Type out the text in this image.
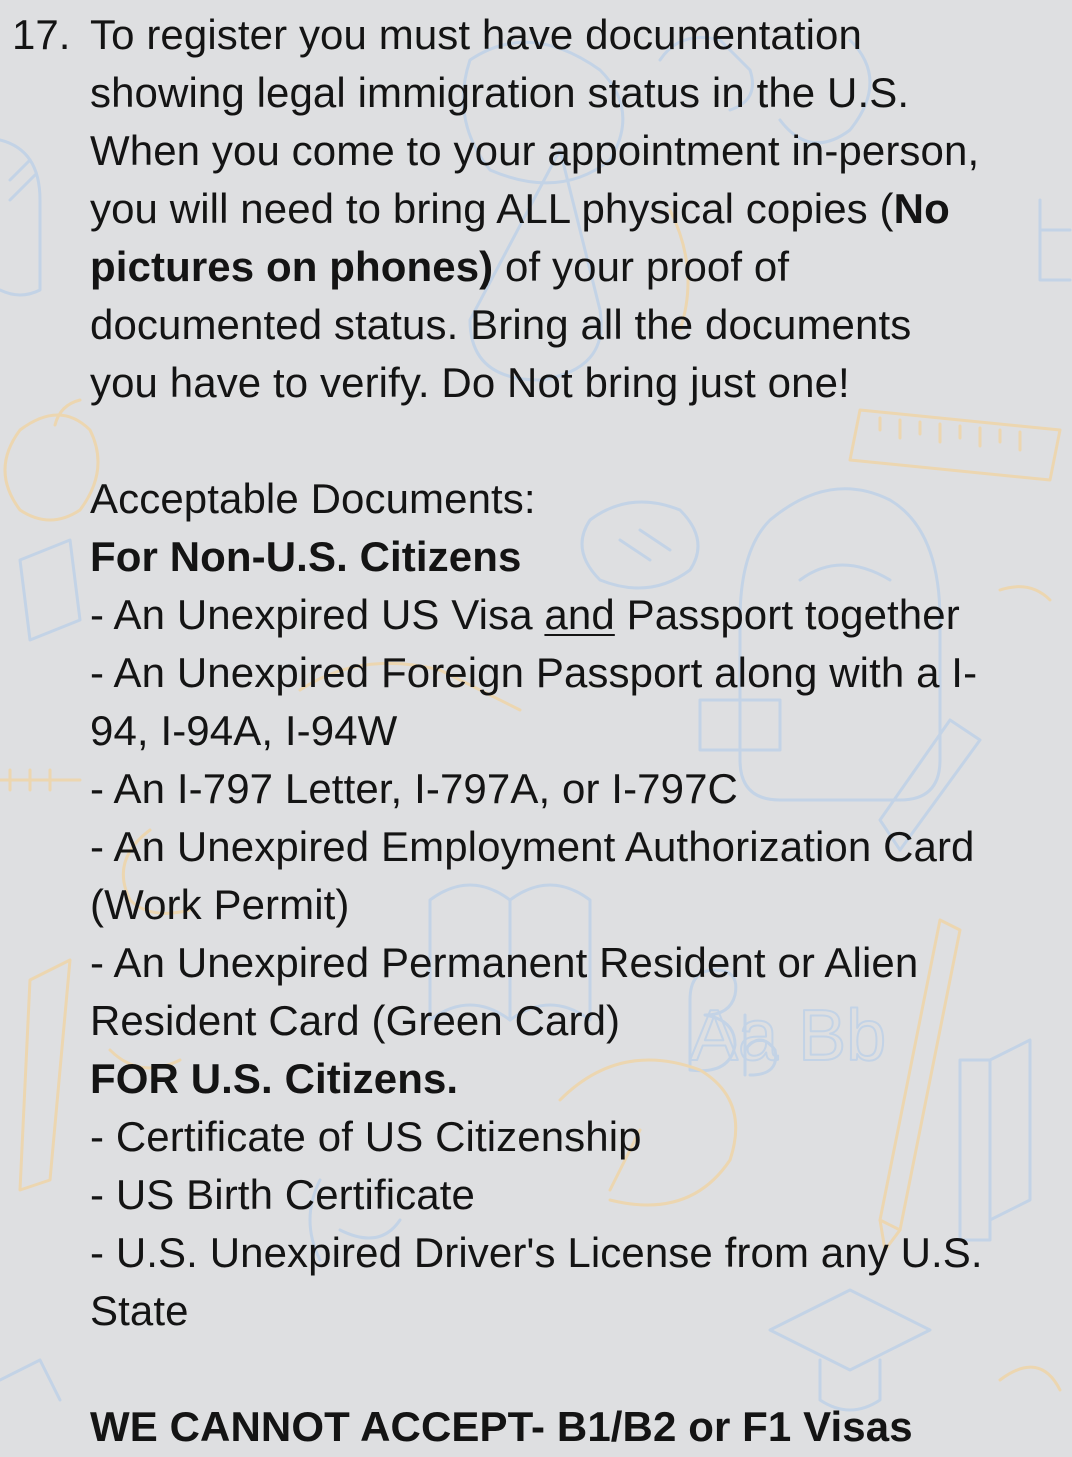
Aa Bb
17. To register you must have documentation
showing legal immigration status in the U.S.
When you come to your appointment in-person,
you will need to bring ALL physical copies (No
pictures on phones) of your proof of
documented status. Bring all the documents
you have to verify. Do Not bring just one!
Acceptable Documents:
For Non-U.S. Citizens
- An Unexpired US Visa and Passport together
- An Unexpired Foreign Passport along with a I-
94, I-94A, I-94W
- An I-797 Letter, I-797A, or I-797C
- An Unexpired Employment Authorization Card
(Work Permit)
- An Unexpired Permanent Resident or Alien
Resident Card (Green Card)
FOR U.S. Citizens.
- Certificate of US Citizenship
- US Birth Certificate
- U.S. Unexpired Driver's License from any U.S.
State
WE CANNOT ACCEPT- B1/B2 or F1 Visas
